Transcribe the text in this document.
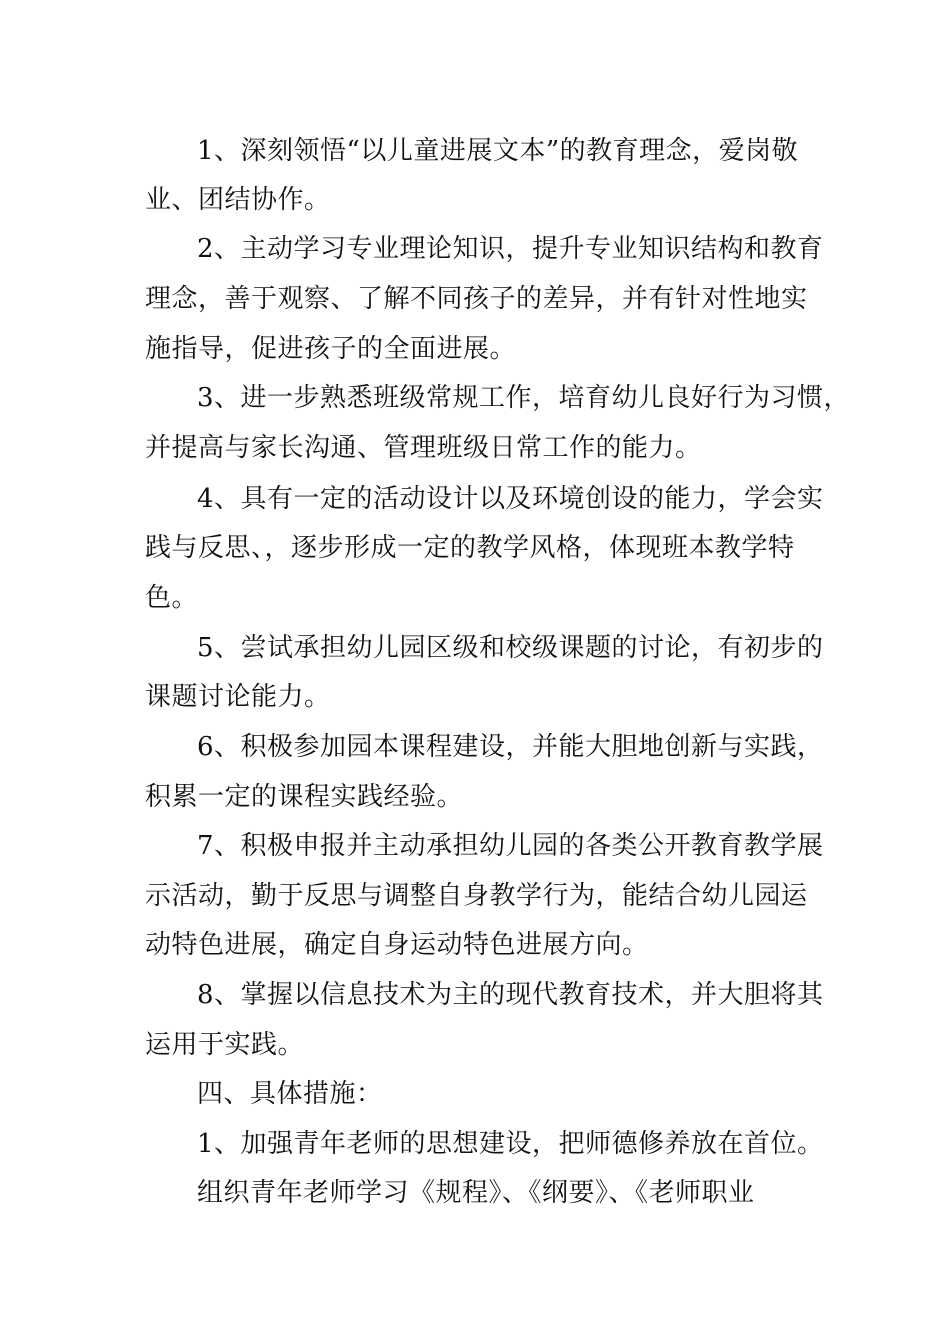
1、深刻领悟“以儿童进展文本”的教育理念，爱岗敬
业、团结协作。
2、主动学习专业理论知识，提升专业知识结构和教育
理念，善于观察、了解不同孩子的差异，并有针对性地实
施指导，促进孩子的全面进展。
3、进一步熟悉班级常规工作，培育幼儿良好行为习惯，
并提高与家长沟通、管理班级日常工作的能力。
4、具有一定的活动设计以及环境创设的能力，学会实
践与反思、，逐步形成一定的教学风格，体现班本教学特
色。
5、尝试承担幼儿园区级和校级课题的讨论，有初步的
课题讨论能力。
6、积极参加园本课程建设，并能大胆地创新与实践，
积累一定的课程实践经验。
7、积极申报并主动承担幼儿园的各类公开教育教学展
示活动，勤于反思与调整自身教学行为，能结合幼儿园运
动特色进展，确定自身运动特色进展方向。
8、掌握以信息技术为主的现代教育技术，并大胆将其
运用于实践。
四、具体措施：
1、加强青年老师的思想建设，把师德修养放在首位。
组织青年老师学习《规程》、《纲要》、《老师职业
